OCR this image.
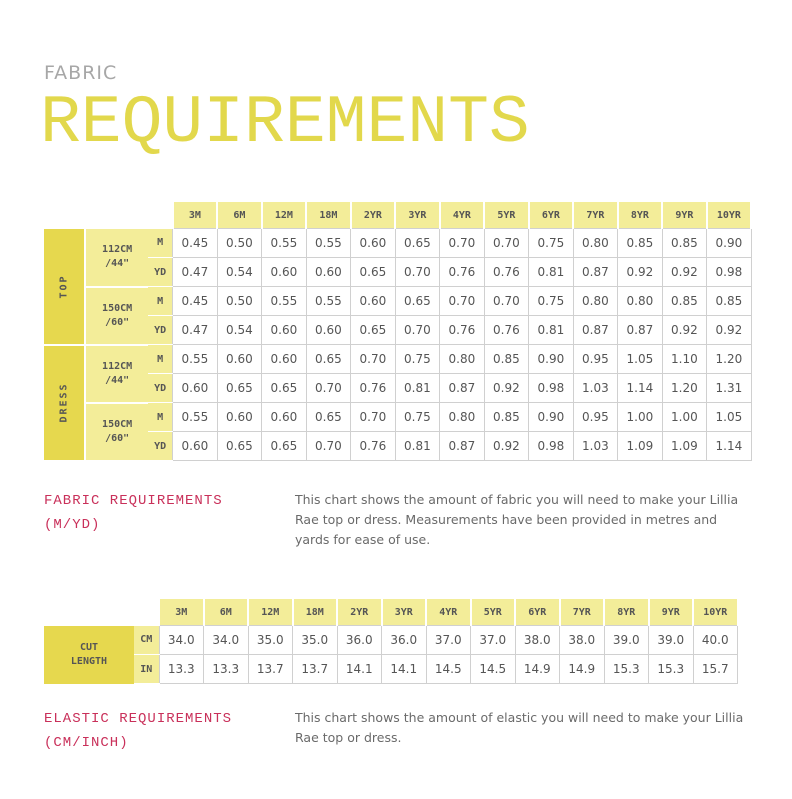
FABRIC
REQUIREMENTS
			3M	6M	12M	18M	2YR	3YR	4YR	5YR	6YR	7YR	8YR	9YR	10YR
TOP	112CM
/44"	M	0.45	0.50	0.55	0.55	0.60	0.65	0.70	0.70	0.75	0.80	0.85	0.85	0.90
		YD	0.47	0.54	0.60	0.60	0.65	0.70	0.76	0.76	0.81	0.87	0.92	0.92	0.98

	150CM
/60"	M	0.45	0.50	0.55	0.55	0.60	0.65	0.70	0.70	0.75	0.80	0.80	0.85	0.85
		YD	0.47	0.54	0.60	0.60	0.65	0.70	0.76	0.76	0.81	0.87	0.87	0.92	0.92
DRESS	112CM
/44"	M	0.55	0.60	0.60	0.65	0.70	0.75	0.80	0.85	0.90	0.95	1.05	1.10	1.20
		YD	0.60	0.65	0.65	0.70	0.76	0.81	0.87	0.92	0.98	1.03	1.14	1.20	1.31

	150CM
/60"	M	0.55	0.60	0.60	0.65	0.70	0.75	0.80	0.85	0.90	0.95	1.00	1.00	1.05
		YD	0.60	0.65	0.65	0.70	0.76	0.81	0.87	0.92	0.98	1.03	1.09	1.09	1.14
FABRIC REQUIREMENTS
(M/YD)
This chart shows the amount of fabric you will need to make your Lillia Rae top or dress. Measurements have been provided in metres and yards for ease of use.
		3M	6M	12M	18M	2YR	3YR	4YR	5YR	6YR	7YR	8YR	9YR	10YR

CUT
LENGTH	CM	34.0	34.0	35.0	35.0	36.0	36.0	37.0	37.0	38.0	38.0	39.0	39.0	40.0
	IN	13.3	13.3	13.7	13.7	14.1	14.1	14.5	14.5	14.9	14.9	15.3	15.3	15.7
ELASTIC REQUIREMENTS
(CM/INCH)
This chart shows the amount of elastic you will need to make your Lillia Rae top or dress.
